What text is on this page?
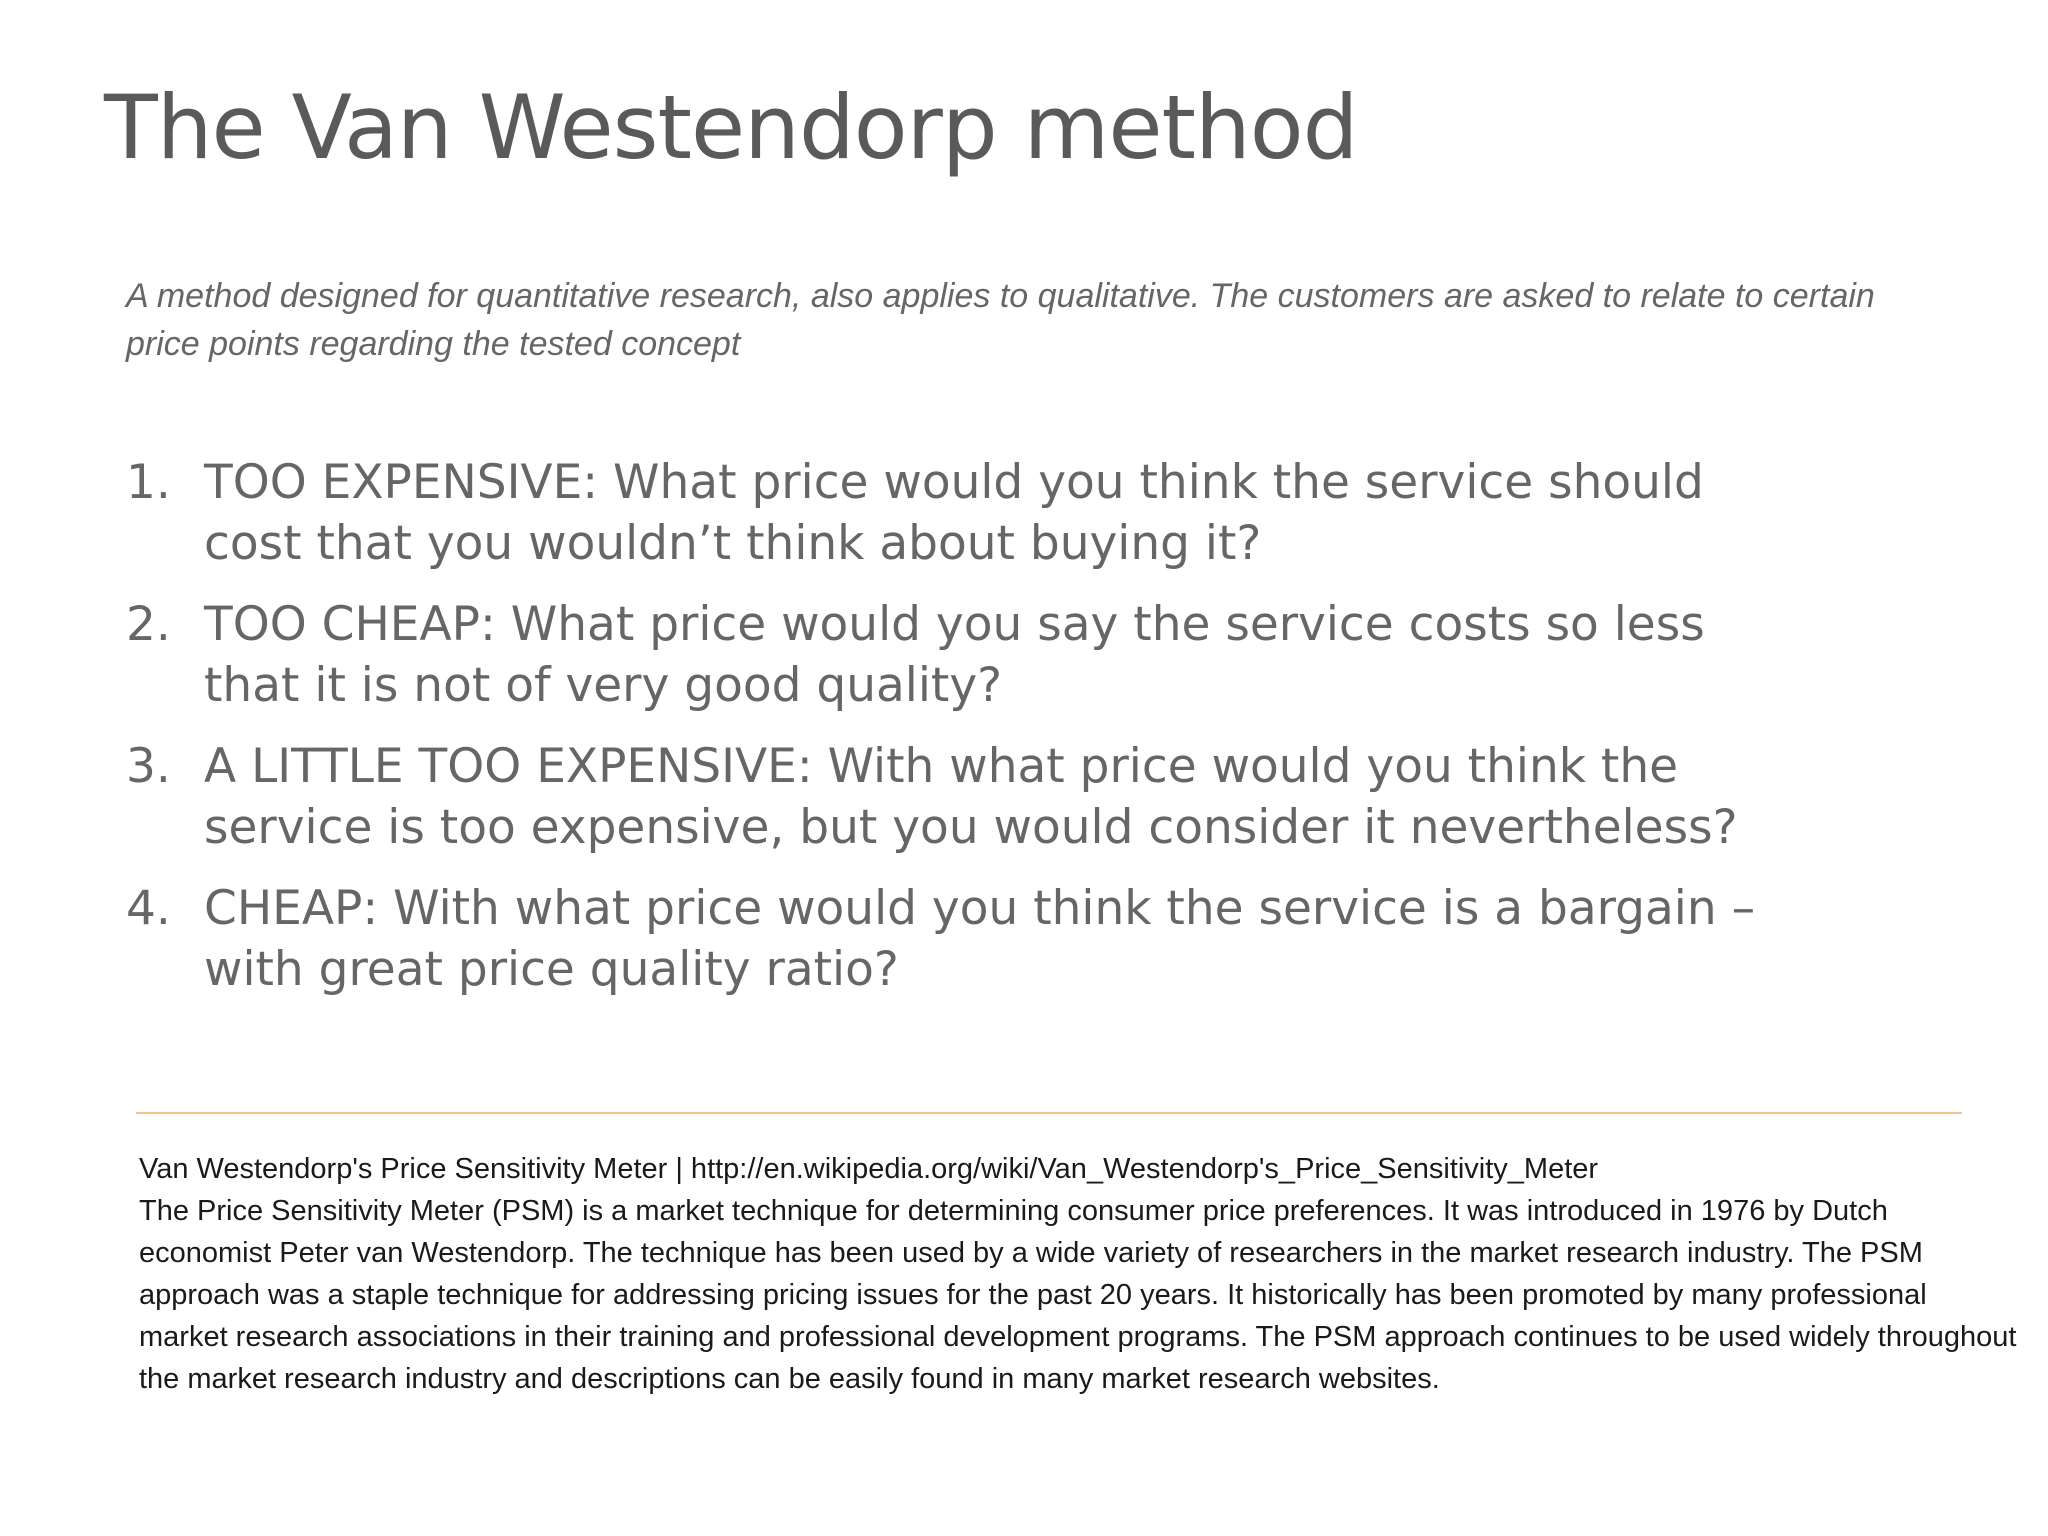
The Van Westendorp method

A method designed for quantitative research, also applies to qualitative. The customers are asked to relate to certain price points regarding the tested concept

1. TOO EXPENSIVE: What price would you think the service should cost that you wouldn’t think about buying it?
2. TOO CHEAP: What price would you say the service costs so less that it is not of very good quality?
3. A LITTLE TOO EXPENSIVE: With what price would you think the service is too expensive, but you would consider it nevertheless?
4. CHEAP: With what price would you think the service is a bargain – with great price quality ratio?
Van Westendorp's Price Sensitivity Meter | http://en.wikipedia.org/wiki/Van_Westendorp's_Price_Sensitivity_Meter
The Price Sensitivity Meter (PSM) is a market technique for determining consumer price preferences. It was introduced in 1976 by Dutch economist Peter van Westendorp. The technique has been used by a wide variety of researchers in the market research industry. The PSM approach was a staple technique for addressing pricing issues for the past 20 years. It historically has been promoted by many professional market research associations in their training and professional development programs. The PSM approach continues to be used widely throughout the market research industry and descriptions can be easily found in many market research websites.
